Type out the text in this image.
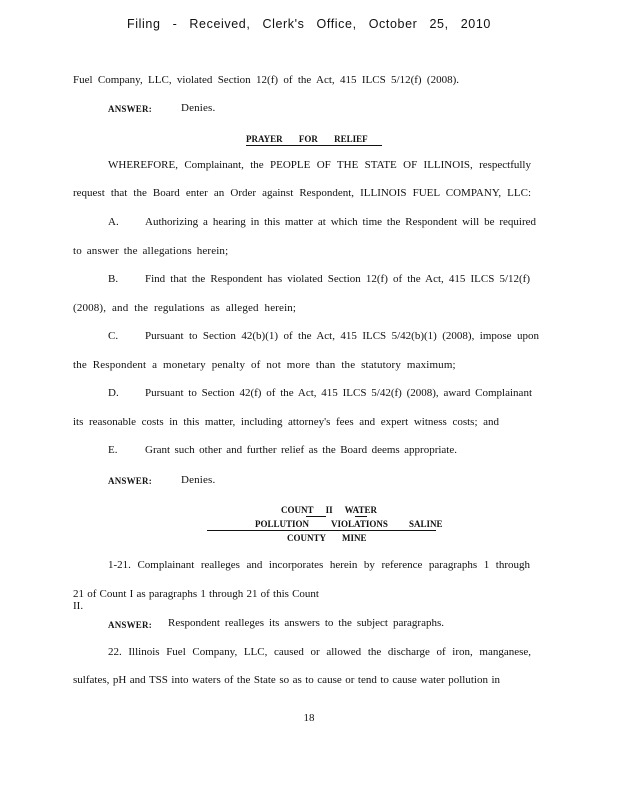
Filing - Received, Clerk's Office, October 25, 2010
Fuel Company, LLC, violated Section 12(f) of the Act, 415 ILCS 5/12(f) (2008).
ANSWER:	Denies.
PRAYER FOR RELIEF
WHEREFORE, Complainant, the PEOPLE OF THE STATE OF ILLINOIS, respectfully
request that the Board enter an Order against Respondent, ILLINOIS FUEL COMPANY, LLC:
A. Authorizing a hearing in this matter at which time the Respondent will be required
to answer the allegations herein;
B. Find that the Respondent has violated Section 12(f) of the Act, 415 ILCS 5/12(f)
(2008), and the regulations as alleged herein;
C. Pursuant to Section 42(b)(1) of the Act, 415 ILCS 5/42(b)(1) (2008), impose upon
the Respondent a monetary penalty of not more than the statutory maximum;
D. Pursuant to Section 42(f) of the Act, 415 ILCS 5/42(f) (2008), award Complainant
its reasonable costs in this matter, including attorney's fees and expert witness costs; and
E.	Grant such other and further relief as the Board deems appropriate.
ANSWER:	Denies.
COUNT II WATER
POLLUTION VIOLATIONS SALINE
COUNTY MINE
1-21. Complainant realleges and incorporates herein by reference paragraphs 1 through
21 of Count I as paragraphs 1 through 21 of this Count II.
ANSWER: Respondent realleges its answers to the subject paragraphs.
22. Illinois Fuel Company, LLC, caused or allowed the discharge of iron, manganese,
sulfates, pH and TSS into waters of the State so as to cause or tend to cause water pollution in
18
